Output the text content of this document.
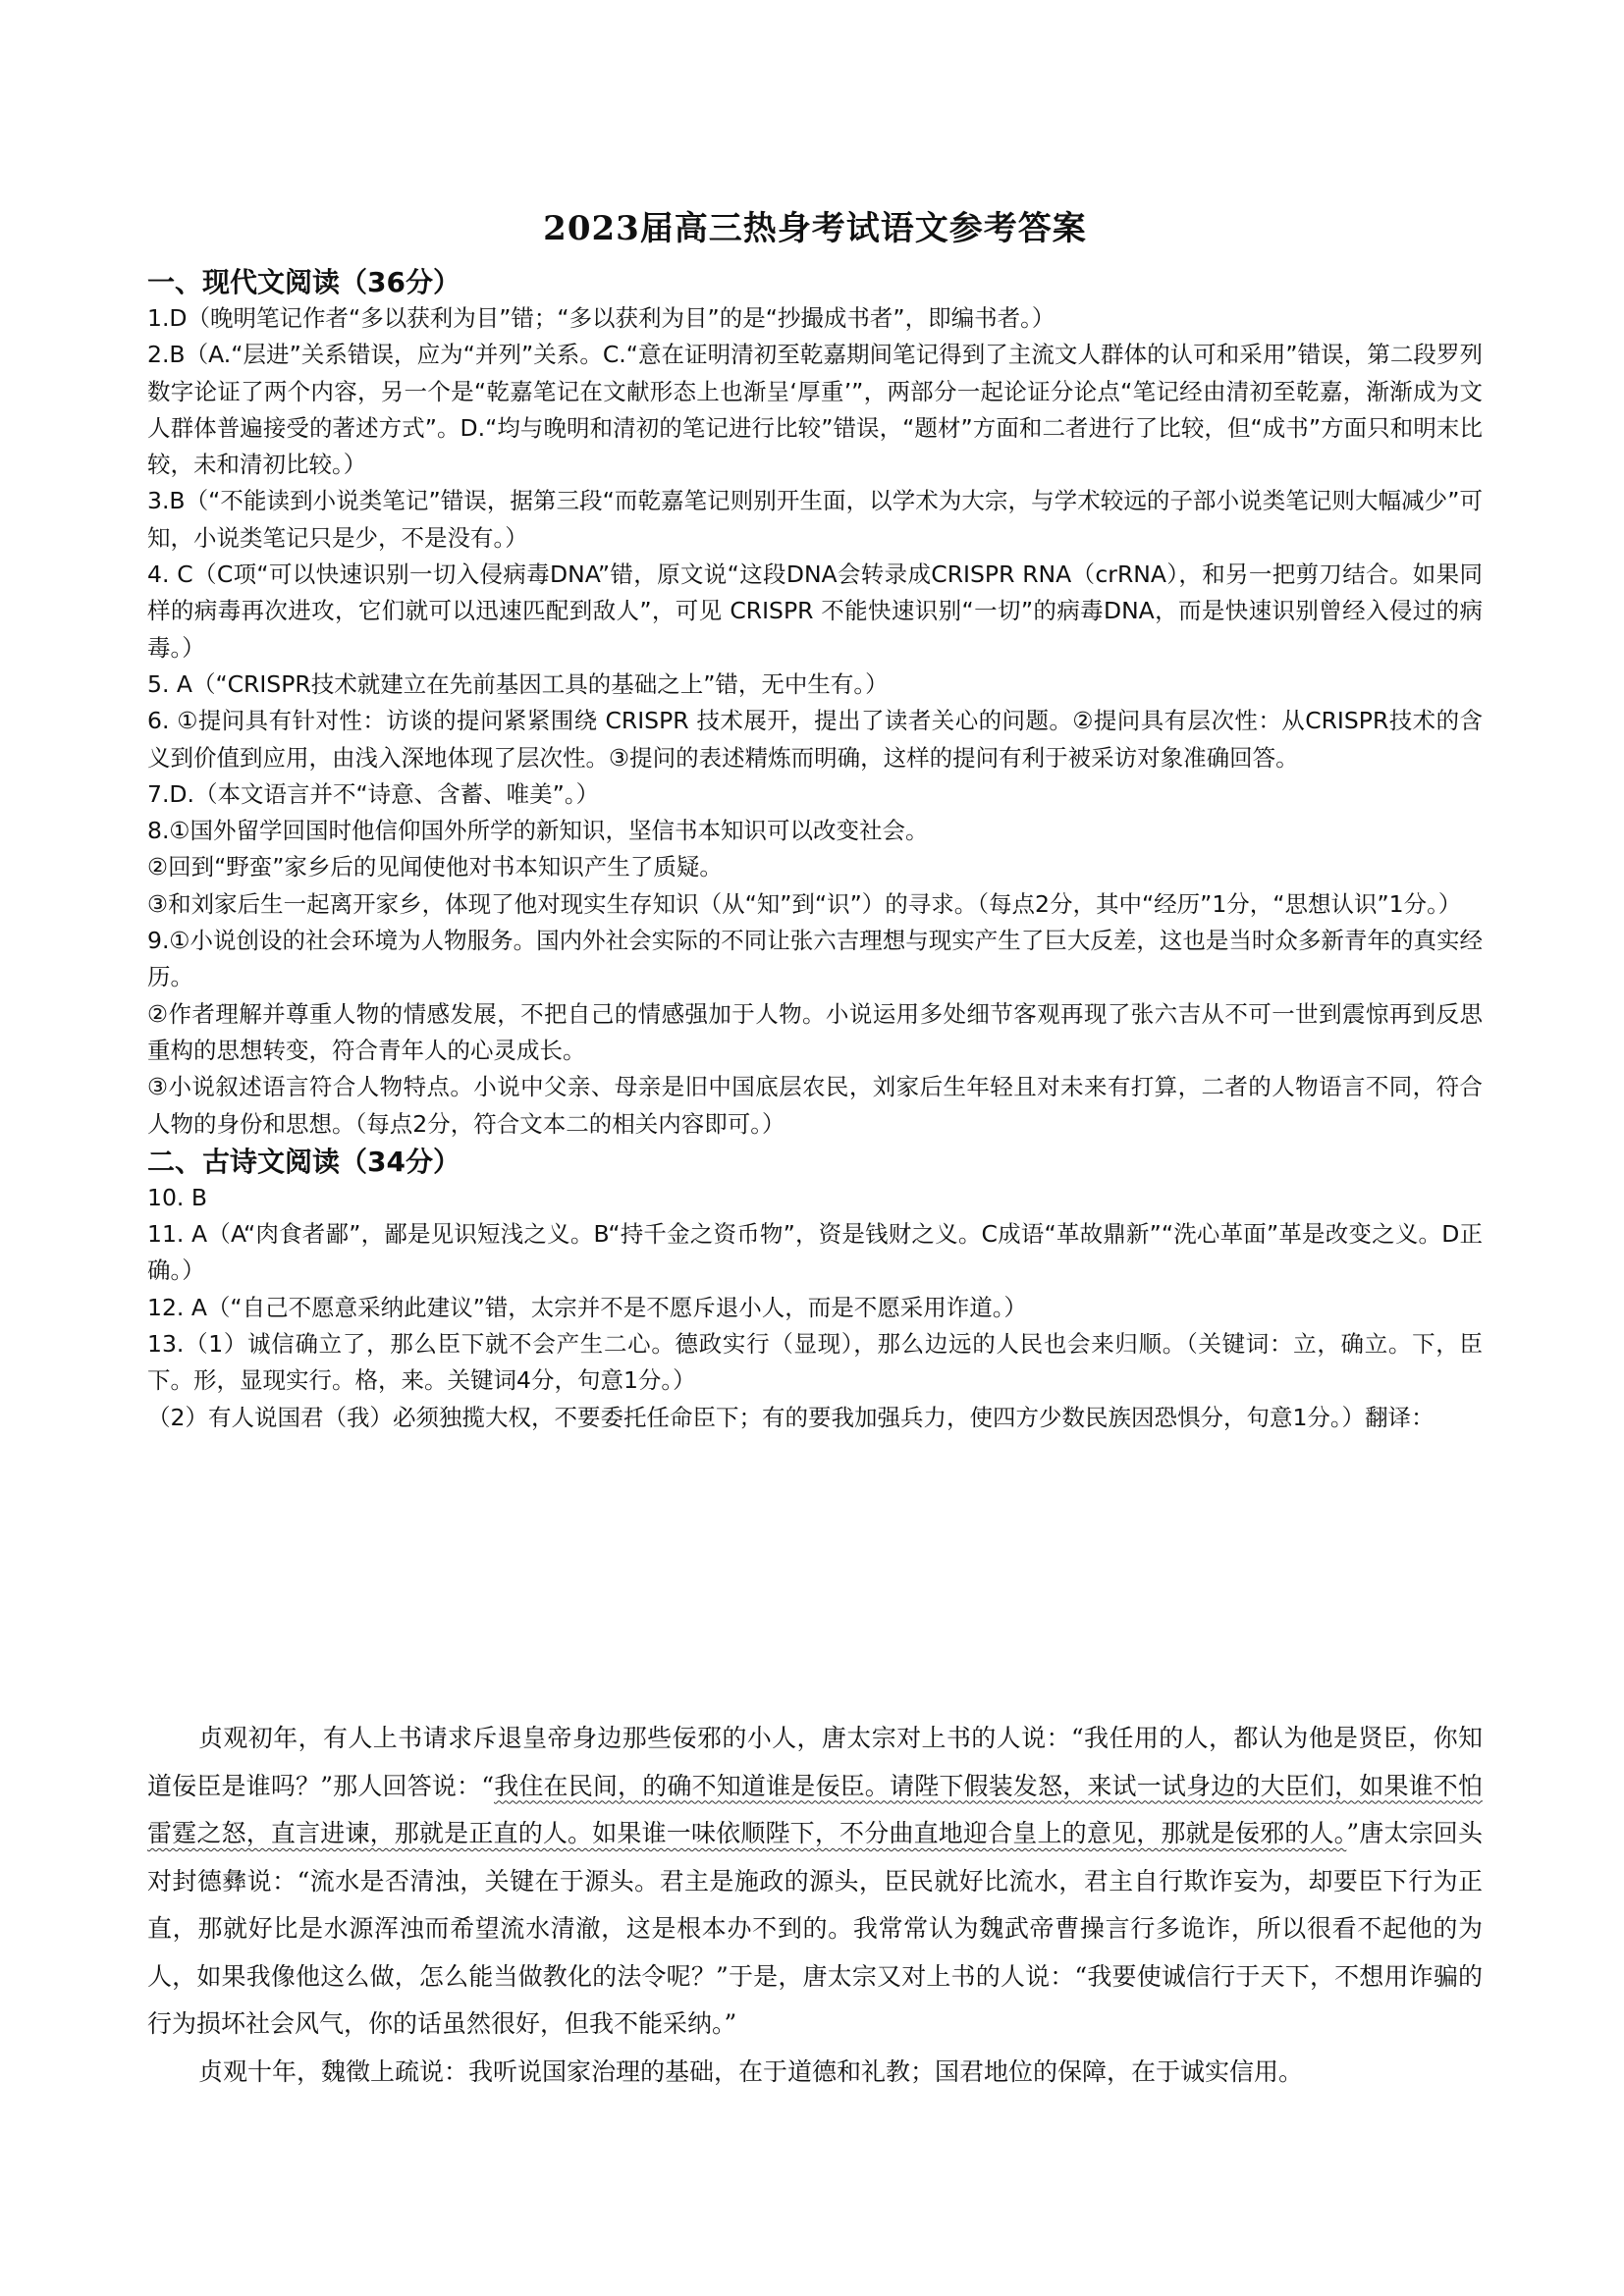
2023届高三热身考试语文参考答案
一、现代文阅读（36分）

1.D（晚明笔记作者“多以获利为目”错；“多以获利为目”的是“抄撮成书者”，即编书者。）

2.B（A.“层进”关系错误，应为“并列”关系。C.“意在证明清初至乾嘉期间笔记得到了主流文人群体的认可和采用”错误，第二段罗列数字论证了两个内容，另一个是“乾嘉笔记在文献形态上也渐呈‘厚重’”，两部分一起论证分论点“笔记经由清初至乾嘉，渐渐成为文人群体普遍接受的著述方式”。D.“均与晚明和清初的笔记进行比较”错误，“题材”方面和二者进行了比较，但“成书”方面只和明末比较，未和清初比较。）

3.B（“不能读到小说类笔记”错误，据第三段“而乾嘉笔记则别开生面，以学术为大宗，与学术较远的子部小说类笔记则大幅减少”可知，小说类笔记只是少，不是没有。）

4. C（C项“可以快速识别一切入侵病毒DNA”错，原文说“这段DNA会转录成CRISPR RNA（crRNA），和另一把剪刀结合。如果同样的病毒再次进攻，它们就可以迅速匹配到敌人”，可见 CRISPR 不能快速识别“一切”的病毒DNA，而是快速识别曾经入侵过的病毒。）

5. A（“CRISPR技术就建立在先前基因工具的基础之上”错，无中生有。）

6. ①提问具有针对性：访谈的提问紧紧围绕 CRISPR 技术展开，提出了读者关心的问题。②提问具有层次性：从CRISPR技术的含义到价值到应用，由浅入深地体现了层次性。③提问的表述精炼而明确，这样的提问有利于被采访对象准确回答。

7.D.（本文语言并不“诗意、含蓄、唯美”。）

8.①国外留学回国时他信仰国外所学的新知识，坚信书本知识可以改变社会。

②回到“野蛮”家乡后的见闻使他对书本知识产生了质疑。

③和刘家后生一起离开家乡，体现了他对现实生存知识（从“知”到“识”）的寻求。（每点2分，其中“经历”1分，“思想认识”1分。）

9.①小说创设的社会环境为人物服务。国内外社会实际的不同让张六吉理想与现实产生了巨大反差，这也是当时众多新青年的真实经历。

②作者理解并尊重人物的情感发展，不把自己的情感强加于人物。小说运用多处细节客观再现了张六吉从不可一世到震惊再到反思重构的思想转变，符合青年人的心灵成长。

③小说叙述语言符合人物特点。小说中父亲、母亲是旧中国底层农民，刘家后生年轻且对未来有打算，二者的人物语言不同，符合人物的身份和思想。（每点2分，符合文本二的相关内容即可。）

二、古诗文阅读（34分）

10. B

11. A（A“肉食者鄙”，鄙是见识短浅之义。B“持千金之资币物”，资是钱财之义。C成语“革故鼎新”“洗心革面”革是改变之义。D正确。）

12. A（“自己不愿意采纳此建议”错，太宗并不是不愿斥退小人，而是不愿采用诈道。）

13.（1）诚信确立了，那么臣下就不会产生二心。德政实行（显现），那么边远的人民也会来归顺。（关键词：立，确立。下，臣下。形，显现实行。格，来。关键词4分，句意1分。）

（2）有人说国君（我）必须独揽大权，不要委托任命臣下；有的要我加强兵力，使四方少数民族因恐惧分，句意1分。）翻译：

贞观初年，有人上书请求斥退皇帝身边那些佞邪的小人，唐太宗对上书的人说：“我任用的人，都认为他是贤臣，你知道佞臣是谁吗？”那人回答说：“我住在民间，的确不知道谁是佞臣。请陛下假装发怒，来试一试身边的大臣们，如果谁不怕雷霆之怒，直言进谏，那就是正直的人。如果谁一味依顺陛下，不分曲直地迎合皇上的意见，那就是佞邪的人。”唐太宗回头对封德彝说：“流水是否清浊，关键在于源头。君主是施政的源头，臣民就好比流水，君主自行欺诈妄为，却要臣下行为正直，那就好比是水源浑浊而希望流水清澈，这是根本办不到的。我常常认为魏武帝曹操言行多诡诈，所以很看不起他的为人，如果我像他这么做，怎么能当做教化的法令呢？”于是，唐太宗又对上书的人说：“我要使诚信行于天下，不想用诈骗的行为损坏社会风气，你的话虽然很好，但我不能采纳。”

贞观十年，魏徵上疏说：我听说国家治理的基础，在于道德和礼教；国君地位的保障，在于诚实信用。
